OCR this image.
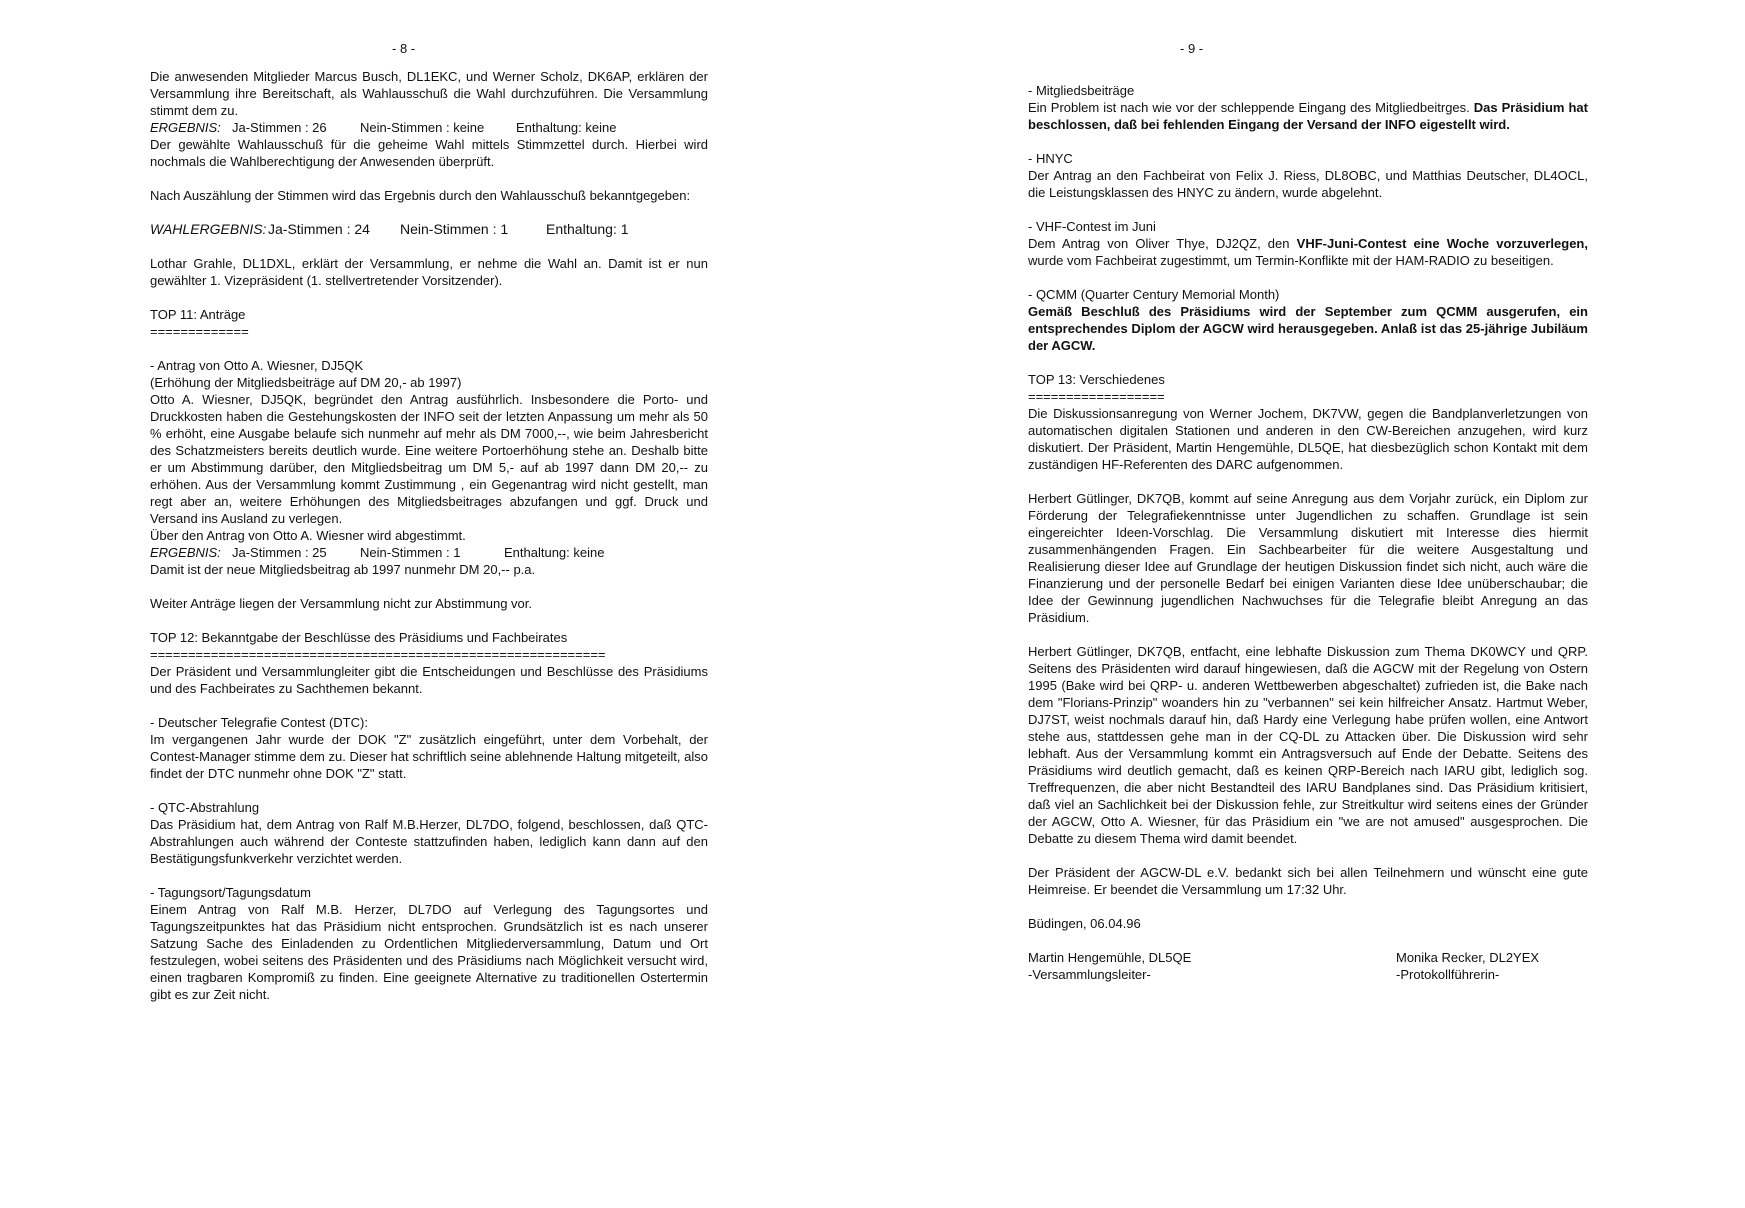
- 8 -

Die anwesenden Mitglieder Marcus Busch, DL1EKC, und Werner Scholz, DK6AP, erklären der Versammlung ihre Bereitschaft, als Wahlausschuß die Wahl durchzuführen. Die Versammlung stimmt dem zu.

ERGEBNIS: Ja-Stimmen : 26	Nein-Stimmen : keine	Enthaltung: keine

Der gewählte Wahlausschuß für die geheime Wahl mittels Stimmzettel durch. Hierbei wird nochmals die Wahlberechtigung der Anwesenden überprüft.

Nach Auszählung der Stimmen wird das Ergebnis durch den Wahlausschuß bekanntgegeben:

WAHLERGEBNIS: Ja-Stimmen : 24	Nein-Stimmen : 1	Enthaltung: 1

Lothar Grahle, DL1DXL, erklärt der Versammlung, er nehme die Wahl an. Damit ist er nun gewählter 1. Vizepräsident (1. stellvertretender Vorsitzender).

TOP 11: Anträge

=============

- Antrag von Otto A. Wiesner, DJ5QK

(Erhöhung der Mitgliedsbeiträge auf DM 20,- ab 1997)

Otto A. Wiesner, DJ5QK, begründet den Antrag ausführlich. Insbesondere die Porto- und Druckkosten haben die Gestehungskosten der INFO seit der letzten Anpassung um mehr als 50 % erhöht, eine Ausgabe belaufe sich nunmehr auf mehr als DM 7000,--, wie beim Jahresbericht des Schatzmeisters bereits deutlich wurde. Eine weitere Portoerhöhung stehe an. Deshalb bitte er um Abstimmung darüber, den Mitgliedsbeitrag um DM 5,- auf ab 1997 dann DM 20,-- zu erhöhen. Aus der Versammlung kommt Zustimmung , ein Gegenantrag wird nicht gestellt, man regt aber an, weitere Erhöhungen des Mitgliedsbeitrages abzufangen und ggf. Druck und Versand ins Ausland zu verlegen.

Über den Antrag von Otto A. Wiesner wird abgestimmt.

ERGEBNIS: Ja-Stimmen : 25	Nein-Stimmen : 1	Enthaltung: keine

Damit ist der neue Mitgliedsbeitrag ab 1997 nunmehr DM 20,-- p.a.

Weiter Anträge liegen der Versammlung nicht zur Abstimmung vor.

TOP 12: Bekanntgabe der Beschlüsse des Präsidiums und Fachbeirates

============================================================

Der Präsident und Versammlungleiter gibt die Entscheidungen und Beschlüsse des Präsidiums und des Fachbeirates zu Sachthemen bekannt.

- Deutscher Telegrafie Contest (DTC):

Im vergangenen Jahr wurde der DOK "Z" zusätzlich eingeführt, unter dem Vorbehalt, der Contest-Manager stimme dem zu. Dieser hat schriftlich seine ablehnende Haltung mitgeteilt, also findet der DTC nunmehr ohne DOK "Z" statt.

- QTC-Abstrahlung

Das Präsidium hat, dem Antrag von Ralf M.B.Herzer, DL7DO, folgend, beschlossen, daß QTC-Abstrahlungen auch während der Conteste stattzufinden haben, lediglich kann dann auf den Bestätigungsfunkverkehr verzichtet werden.

- Tagungsort/Tagungsdatum

Einem Antrag von Ralf M.B. Herzer, DL7DO auf Verlegung des Tagungsortes und Tagungszeitpunktes hat das Präsidium nicht entsprochen. Grundsätzlich ist es nach unserer Satzung Sache des Einladenden zu Ordentlichen Mitgliederversammlung, Datum und Ort festzulegen, wobei seitens des Präsidenten und des Präsidiums nach Möglichkeit versucht wird, einen tragbaren Kompromiß zu finden. Eine geeignete Alternative zu traditionellen Ostertermin gibt es zur Zeit nicht.

- 9 -

- Mitgliedsbeiträge

Ein Problem ist nach wie vor der schleppende Eingang des Mitgliedbeitrges. Das Präsidium hat beschlossen, daß bei fehlenden Eingang der Versand der INFO eigestellt wird.

- HNYC

Der Antrag an den Fachbeirat von Felix J. Riess, DL8OBC, und Matthias Deutscher, DL4OCL, die Leistungsklassen des HNYC zu ändern, wurde abgelehnt.

- VHF-Contest im Juni

Dem Antrag von Oliver Thye, DJ2QZ, den VHF-Juni-Contest eine Woche vorzuverlegen, wurde vom Fachbeirat zugestimmt, um Termin-Konflikte mit der HAM-RADIO zu beseitigen.

- QCMM (Quarter Century Memorial Month)

Gemäß Beschluß des Präsidiums wird der September zum QCMM ausgerufen, ein entsprechendes Diplom der AGCW wird herausgegeben. Anlaß ist das 25-jährige Jubiläum der AGCW.

TOP 13: Verschiedenes

==================

Die Diskussionsanregung von Werner Jochem, DK7VW, gegen die Bandplanverletzungen von automatischen digitalen Stationen und anderen in den CW-Bereichen anzugehen, wird kurz diskutiert. Der Präsident, Martin Hengemühle, DL5QE, hat diesbezüglich schon Kontakt mit dem zuständigen HF-Referenten des DARC aufgenommen.

Herbert Gütlinger, DK7QB, kommt auf seine Anregung aus dem Vorjahr zurück, ein Diplom zur Förderung der Telegrafiekenntnisse unter Jugendlichen zu schaffen. Grundlage ist sein eingereichter Ideen-Vorschlag. Die Versammlung diskutiert mit Interesse dies hiermit zusammenhängenden Fragen. Ein Sachbearbeiter für die weitere Ausgestaltung und Realisierung dieser Idee auf Grundlage der heutigen Diskussion findet sich nicht, auch wäre die Finanzierung und der personelle Bedarf bei einigen Varianten diese Idee unüberschaubar; die Idee der Gewinnung jugendlichen Nachwuchses für die Telegrafie bleibt Anregung an das Präsidium.

Herbert Gütlinger, DK7QB, entfacht, eine lebhafte Diskussion zum Thema DK0WCY und QRP. Seitens des Präsidenten wird darauf hingewiesen, daß die AGCW mit der Regelung von Ostern 1995 (Bake wird bei QRP- u. anderen Wettbewerben abgeschaltet) zufrieden ist, die Bake nach dem "Florians-Prinzip" woanders hin zu "verbannen" sei kein hilfreicher Ansatz. Hartmut Weber, DJ7ST, weist nochmals darauf hin, daß Hardy eine Verlegung habe prüfen wollen, eine Antwort stehe aus, stattdessen gehe man in der CQ-DL zu Attacken über. Die Diskussion wird sehr lebhaft. Aus der Versammlung kommt ein Antragsversuch auf Ende der Debatte. Seitens des Präsidiums wird deutlich gemacht, daß es keinen QRP-Bereich nach IARU gibt, lediglich sog. Treffrequenzen, die aber nicht Bestandteil des IARU Bandplanes sind. Das Präsidium kritisiert, daß viel an Sachlichkeit bei der Diskussion fehle, zur Streitkultur wird seitens eines der Gründer der AGCW, Otto A. Wiesner, für das Präsidium ein "we are not amused" ausgesprochen. Die Debatte zu diesem Thema wird damit beendet.

Der Präsident der AGCW-DL e.V. bedankt sich bei allen Teilnehmern und wünscht eine gute Heimreise. Er beendet die Versammlung um 17:32 Uhr.

Büdingen, 06.04.96

Martin Hengemühle, DL5QE

-Versammlungsleiter-

Monika Recker, DL2YEX

-Protokollführerin-
